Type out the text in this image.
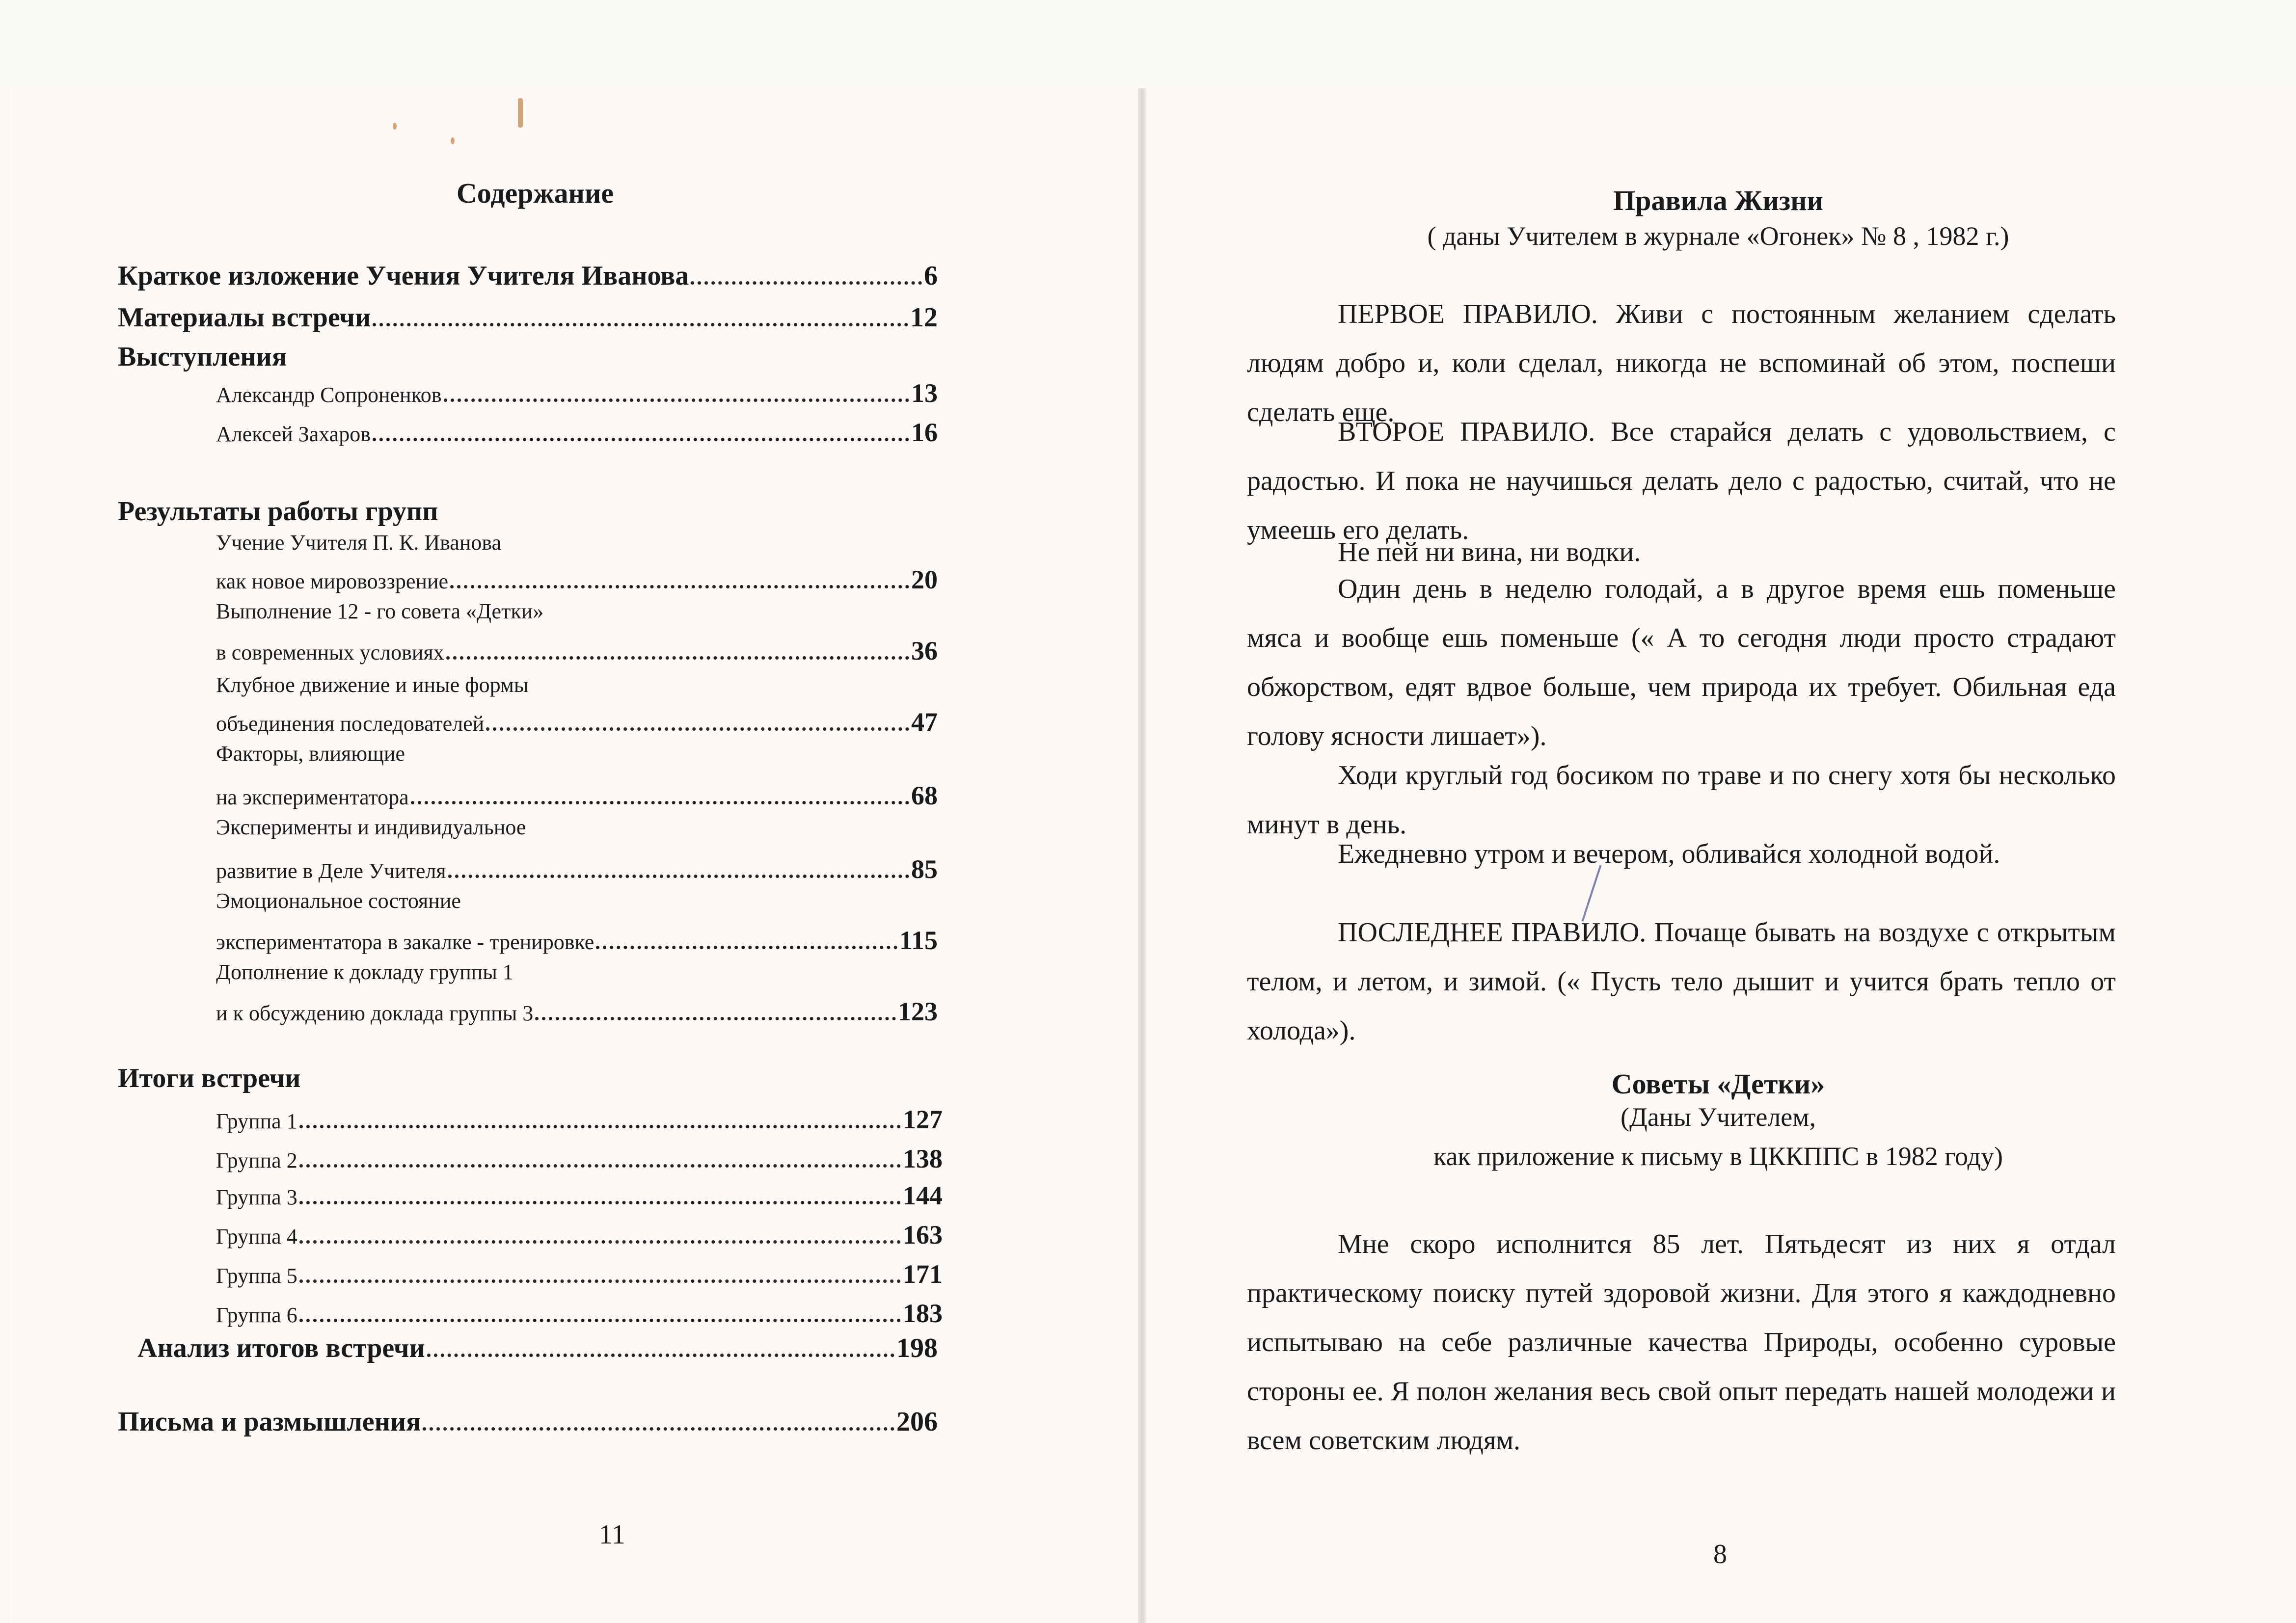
Содержание
Краткое изложение Учения Учителя Иванова	6
Материалы встречи	12
Выступления
Александр Сопроненков	13
Алексей Захаров	16
Результаты работы групп
Учение Учителя П. К. Иванова
как новое мировоззрение	20
Выполнение 12 - го совета «Детки»
в современных условиях	36
Клубное движение и иные формы
объединения последователей	47
Факторы, влияющие
на экспериментатора	68
Эксперименты и индивидуальное
развитие в Деле Учителя	85
Эмоциональное состояние
экспериментатора в закалке - тренировке	115
Дополнение к докладу группы 1
и к обсуждению доклада группы 3	123
Итоги встречи
Группа 1	127
Группа 2	138
Группа 3	144
Группа 4	163
Группа 5	171
Группа 6	183
Анализ итогов встречи	198
Письма и размышления	206
11
Правила Жизни
( даны Учителем в журнале «Огонек» № 8 , 1982 г.)
ПЕРВОЕ ПРАВИЛО. Живи с постоянным желанием сделать людям добро и, коли сделал, никогда не вспоминай об этом, поспеши сделать еще.
ВТОРОЕ ПРАВИЛО. Все старайся делать с удовольствием, с радостью. И пока не научишься делать дело с радостью, считай, что не умеешь его делать.
Не пей ни вина, ни водки.
Один день в неделю голодай, а в другое время ешь поменьше мяса и вообще ешь поменьше (« А то сегодня люди просто страдают обжорством, едят вдвое больше, чем природа их требует. Обильная еда голову ясности лишает»).
Ходи круглый год босиком по траве и по снегу хотя бы несколько минут в день.
Ежедневно утром и вечером, обливайся холодной водой.
ПОСЛЕДНЕЕ ПРАВИЛО. Почаще бывать на воздухе с открытым телом, и летом, и зимой. (« Пусть тело дышит и учится брать тепло от холода»).
Советы «Детки»
(Даны Учителем,
как приложение к письму в ЦККППС в 1982 году)
Мне скоро исполнится 85 лет. Пятьдесят из них я отдал практическому поиску путей здоровой жизни. Для этого я каждодневно испытываю на себе различные качества Природы, особенно суровые стороны ее. Я полон желания весь свой опыт передать нашей молодежи и всем советским людям.
8
